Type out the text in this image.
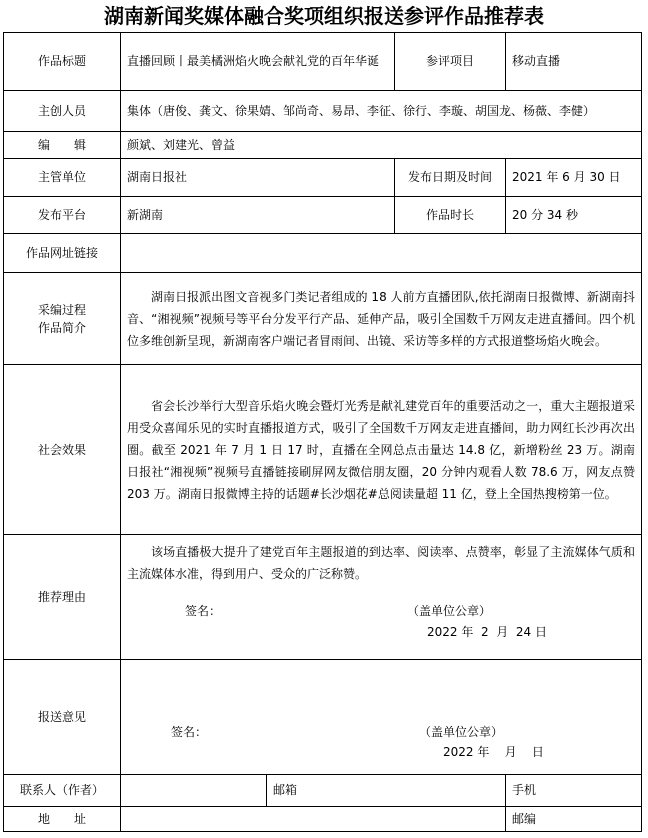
湖南新闻奖媒体融合奖项组织报送参评作品推荐表
作品标题	直播回顾丨最美橘洲焰火晚会献礼党的百年华诞		参评项目	移动直播
主创人员	集体（唐俊、龚文、徐果婧、邹尚奇、易昂、李征、徐行、李璇、胡国龙、杨薇、李健）			
编　　辑	颜斌、刘建光、曾益			
主管单位	湖南日报社		发布日期及时间	2021 年 6 月 30 日
发布平台	新湖南		作品时长	20 分 34 秒
作品网址链接				

采编过程
作品简介	湖南日报派出图文音视多门类记者组成的 18 人前方直播团队,依托湖南日报微博、新湖南抖音、“湘视频”视频号等平台分发平行产品、延伸产品，吸引全国数千万网友走进直播间。四个机位多维创新呈现，新湖南客户端记者冒雨间、出镜、采访等多样的方式报道整场焰火晚会。			

社会效果	省会长沙举行大型音乐焰火晚会暨灯光秀是献礼建党百年的重要活动之一，重大主题报道采用受众喜闻乐见的实时直播报道方式，吸引了全国数千万网友走进直播间，助力网红长沙再次出圈。截至 2021 年 7 月 1 日 17 时，直播在全网总点击量达 14.8 亿，新增粉丝 23 万。湖南日报社“湘视频”视频号直播链接刷屏网友微信朋友圈，20 分钟内观看人数 78.6 万，网友点赞 203 万。湖南日报微博主持的话题#长沙烟花#总阅读量超 11 亿，登上全国热搜榜第一位。			

推荐理由	该场直播极大提升了建党百年主题报道的到达率、阅读率、点赞率，彰显了主流媒体气质和主流媒体水准，得到用户、受众的广泛称赞。
签名： （盖单位公章）
2022 年  2  月  24 日			

报送意见	签名： （盖单位公章）
2022 年    月    日			

联系人（作者）		邮箱		手机
地　　址				邮编
